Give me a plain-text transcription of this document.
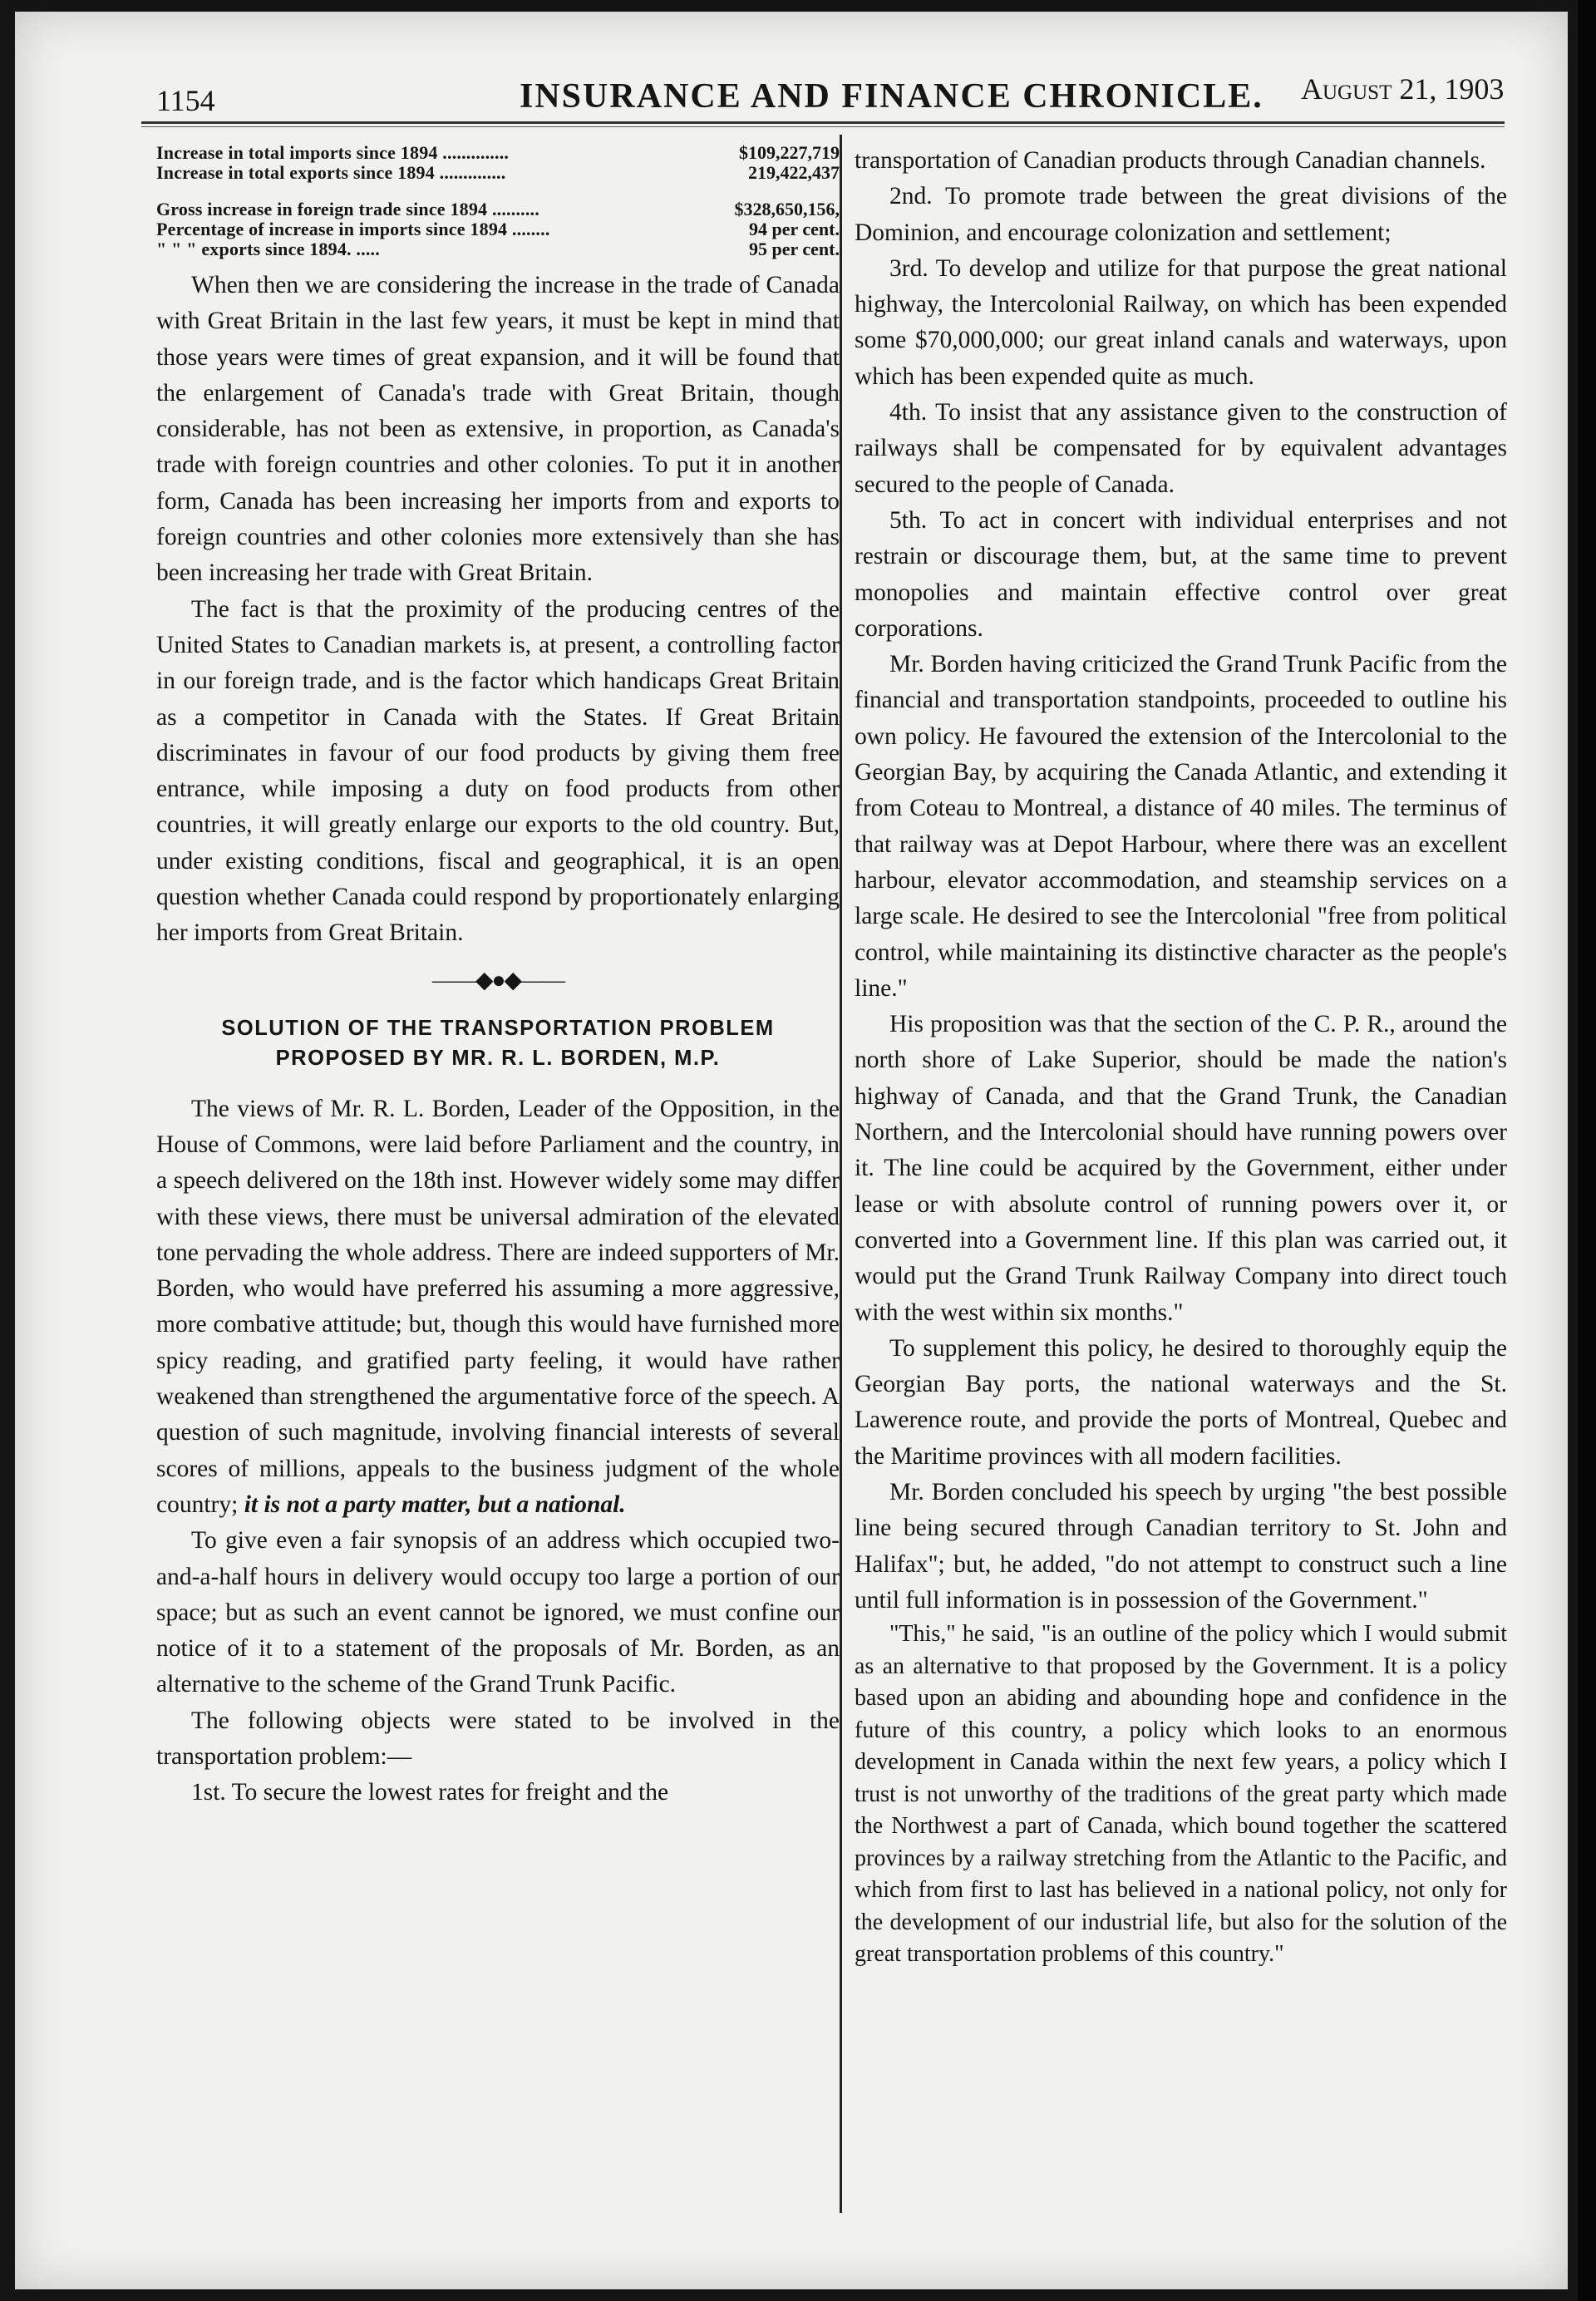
1154	INSURANCE AND FINANCE CHRONICLE. August 21, 1903
Increase in total imports since 1894 ..............	$109,227,719
Increase in total exports since 1894 ..............	219,422,437
Gross increase in foreign trade since 1894 ..........	$328,650,156,
Percentage of increase in imports since 1894 ........	94 per cent.
" " " exports since 1894. .....	95 per cent.

When then we are considering the increase in the trade of Canada with Great Britain in the last few years, it must be kept in mind that those years were times of great expansion, and it will be found that the enlargement of Canada's trade with Great Britain, though considerable, has not been as extensive, in proportion, as Canada's trade with foreign countries and other colonies. To put it in another form, Canada has been increasing her imports from and exports to foreign countries and other colonies more extensively than she has been increasing her trade with Great Britain.

The fact is that the proximity of the producing centres of the United States to Canadian markets is, at present, a controlling factor in our foreign trade, and is the factor which handicaps Great Britain as a competitor in Canada with the States. If Great Britain discriminates in favour of our food products by giving them free entrance, while imposing a duty on food products from other countries, it will greatly enlarge our exports to the old country. But, under existing conditions, fiscal and geographical, it is an open question whether Canada could respond by proportionately enlarging her imports from Great Britain.

——◆●◆——
SOLUTION OF THE TRANSPORTATION PROBLEM
PROPOSED BY MR. R. L. BORDEN, M.P.

The views of Mr. R. L. Borden, Leader of the Opposition, in the House of Commons, were laid before Parliament and the country, in a speech delivered on the 18th inst. However widely some may differ with these views, there must be universal admiration of the elevated tone pervading the whole address. There are indeed supporters of Mr. Borden, who would have preferred his assuming a more aggressive, more combative attitude; but, though this would have furnished more spicy reading, and gratified party feeling, it would have rather weakened than strengthened the argumentative force of the speech. A question of such magnitude, involving financial interests of several scores of millions, appeals to the business judgment of the whole country; it is not a party matter, but a national.

To give even a fair synopsis of an address which occupied two-and-a-half hours in delivery would occupy too large a portion of our space; but as such an event cannot be ignored, we must confine our notice of it to a statement of the proposals of Mr. Borden, as an alternative to the scheme of the Grand Trunk Pacific.

The following objects were stated to be involved in the transportation problem:—

1st. To secure the lowest rates for freight and the

transportation of Canadian products through Canadian channels.

2nd. To promote trade between the great divisions of the Dominion, and encourage colonization and settlement;

3rd. To develop and utilize for that purpose the great national highway, the Intercolonial Railway, on which has been expended some $70,000,000; our great inland canals and waterways, upon which has been expended quite as much.

4th. To insist that any assistance given to the construction of railways shall be compensated for by equivalent advantages secured to the people of Canada.

5th. To act in concert with individual enterprises and not restrain or discourage them, but, at the same time to prevent monopolies and maintain effective control over great corporations.

Mr. Borden having criticized the Grand Trunk Pacific from the financial and transportation standpoints, proceeded to outline his own policy. He favoured the extension of the Intercolonial to the Georgian Bay, by acquiring the Canada Atlantic, and extending it from Coteau to Montreal, a distance of 40 miles. The terminus of that railway was at Depot Harbour, where there was an excellent harbour, elevator accommodation, and steamship services on a large scale. He desired to see the Intercolonial "free from political control, while maintaining its distinctive character as the people's line."

His proposition was that the section of the C. P. R., around the north shore of Lake Superior, should be made the nation's highway of Canada, and that the Grand Trunk, the Canadian Northern, and the Intercolonial should have running powers over it. The line could be acquired by the Government, either under lease or with absolute control of running powers over it, or converted into a Government line. If this plan was carried out, it would put the Grand Trunk Railway Company into direct touch with the west within six months."

To supplement this policy, he desired to thoroughly equip the Georgian Bay ports, the national waterways and the St. Lawerence route, and provide the ports of Montreal, Quebec and the Maritime provinces with all modern facilities.

Mr. Borden concluded his speech by urging "the best possible line being secured through Canadian territory to St. John and Halifax"; but, he added, "do not attempt to construct such a line until full information is in possession of the Government."

"This," he said, "is an outline of the policy which I would submit as an alternative to that proposed by the Government. It is a policy based upon an abiding and abounding hope and confidence in the future of this country, a policy which looks to an enormous development in Canada within the next few years, a policy which I trust is not unworthy of the traditions of the great party which made the Northwest a part of Canada, which bound together the scattered provinces by a railway stretching from the Atlantic to the Pacific, and which from first to last has believed in a national policy, not only for the development of our industrial life, but also for the solution of the great transportation problems of this country."
